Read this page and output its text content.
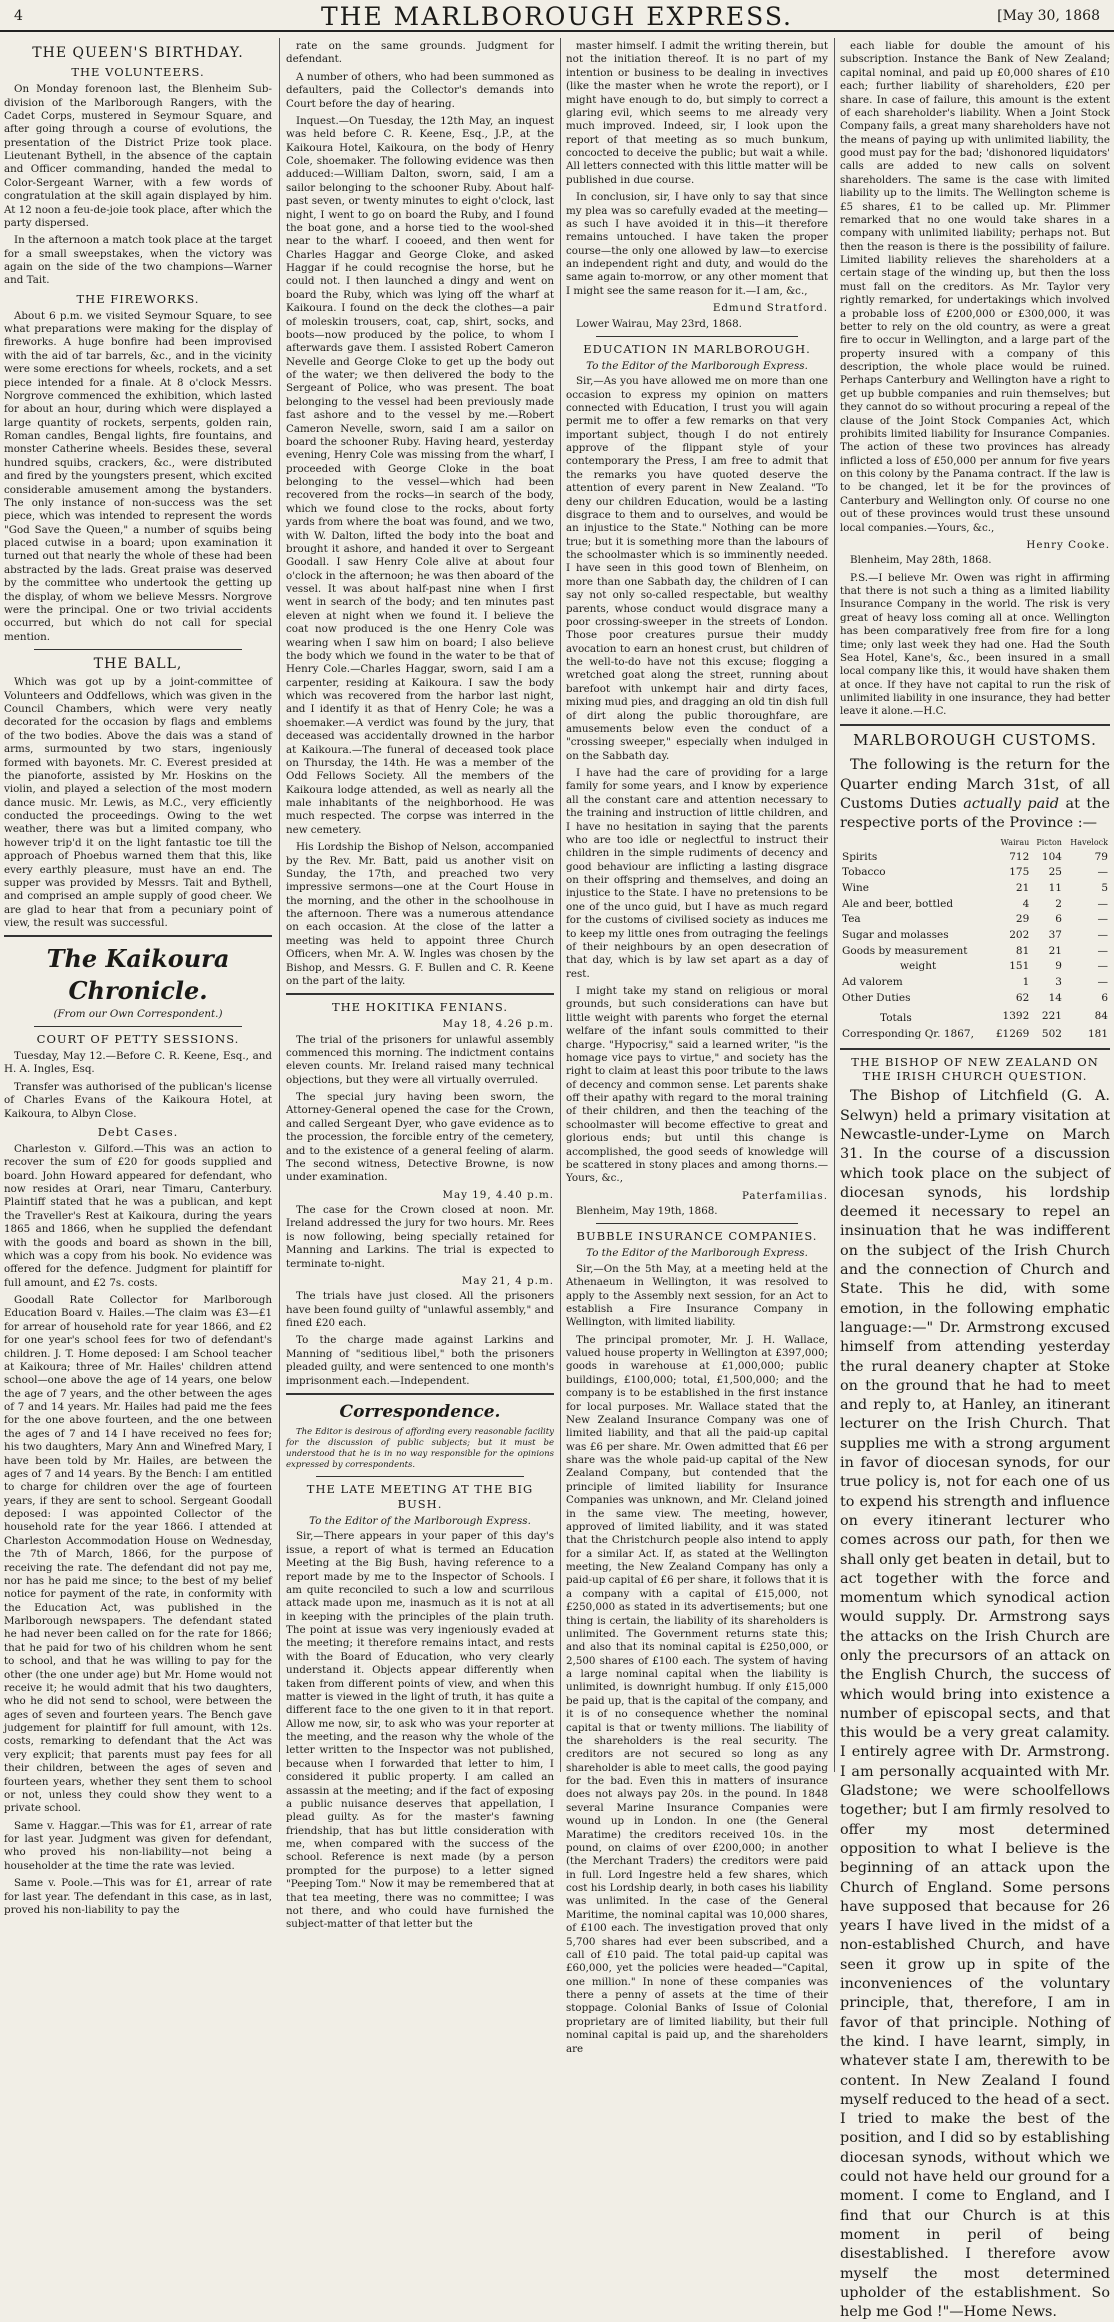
4	THE MARLBOROUGH EXPRESS.	[May 30, 1868
THE QUEEN'S BIRTHDAY.
THE VOLUNTEERS.

On Monday forenoon last, the Blenheim Sub-division of the Marlborough Rangers, with the Cadet Corps, mustered in Seymour Square, and after going through a course of evolutions, the presentation of the District Prize took place. Lieutenant Bythell, in the absence of the captain and Officer commanding, handed the medal to Color-Sergeant Warner, with a few words of congratulation at the skill again displayed by him. At 12 noon a feu-de-joie took place, after which the party dispersed.

In the afternoon a match took place at the target for a small sweepstakes, when the victory was again on the side of the two champions—Warner and Tait.

THE FIREWORKS.

About 6 p.m. we visited Seymour Square, to see what preparations were making for the display of fireworks. A huge bonfire had been improvised with the aid of tar barrels, &c., and in the vicinity were some erections for wheels, rockets, and a set piece intended for a finale. At 8 o'clock Messrs. Norgrove commenced the exhibition, which lasted for about an hour, during which were displayed a large quantity of rockets, serpents, golden rain, Roman candles, Bengal lights, fire fountains, and monster Catherine wheels. Besides these, several hundred squibs, crackers, &c., were distributed and fired by the youngsters present, which excited considerable amusement among the bystanders. The only instance of non-success was the set piece, which was intended to represent the words "God Save the Queen," a number of squibs being placed cutwise in a board; upon examination it turned out that nearly the whole of these had been abstracted by the lads. Great praise was deserved by the committee who undertook the getting up the display, of whom we believe Messrs. Norgrove were the principal. One or two trivial accidents occurred, but which do not call for special mention.

THE BALL,

Which was got up by a joint-committee of Volunteers and Oddfellows, which was given in the Council Chambers, which were very neatly decorated for the occasion by flags and emblems of the two bodies. Above the dais was a stand of arms, surmounted by two stars, ingeniously formed with bayonets. Mr. C. Everest presided at the pianoforte, assisted by Mr. Hoskins on the violin, and played a selection of the most modern dance music. Mr. Lewis, as M.C., very efficiently conducted the proceedings. Owing to the wet weather, there was but a limited company, who however trip'd it on the light fantastic toe till the approach of Phoebus warned them that this, like every earthly pleasure, must have an end. The supper was provided by Messrs. Tait and Bythell, and comprised an ample supply of good cheer. We are glad to hear that from a pecuniary point of view, the result was successful.

The Kaikoura Chronicle.
(From our Own Correspondent.)
COURT OF PETTY SESSIONS.

Tuesday, May 12.—Before C. R. Keene, Esq., and H. A. Ingles, Esq.

Transfer was authorised of the publican's license of Charles Evans of the Kaikoura Hotel, at Kaikoura, to Albyn Close.

Debt Cases.

Charleston v. Gilford.—This was an action to recover the sum of £20 for goods supplied and board. John Howard appeared for defendant, who now resides at Orari, near Timaru, Canterbury. Plaintiff stated that he was a publican, and kept the Traveller's Rest at Kaikoura, during the years 1865 and 1866, when he supplied the defendant with the goods and board as shown in the bill, which was a copy from his book. No evidence was offered for the defence. Judgment for plaintiff for full amount, and £2 7s. costs.

Goodall Rate Collector for Marlborough Education Board v. Hailes.—The claim was £3—£1 for arrear of household rate for year 1866, and £2 for one year's school fees for two of defendant's children. J. T. Home deposed: I am School teacher at Kaikoura; three of Mr. Hailes' children attend school—one above the age of 14 years, one below the age of 7 years, and the other between the ages of 7 and 14 years. Mr. Hailes had paid me the fees for the one above fourteen, and the one between the ages of 7 and 14 I have received no fees for; his two daughters, Mary Ann and Winefred Mary, I have been told by Mr. Hailes, are between the ages of 7 and 14 years. By the Bench: I am entitled to charge for children over the age of fourteen years, if they are sent to school. Sergeant Goodall deposed: I was appointed Collector of the household rate for the year 1866. I attended at Charleston Accommodation House on Wednesday, the 7th of March, 1866, for the purpose of receiving the rate. The defendant did not pay me, nor has he paid me since; to the best of my belief notice for payment of the rate, in conformity with the Education Act, was published in the Marlborough newspapers. The defendant stated he had never been called on for the rate for 1866; that he paid for two of his children whom he sent to school, and that he was willing to pay for the other (the one under age) but Mr. Home would not receive it; he would admit that his two daughters, who he did not send to school, were between the ages of seven and fourteen years. The Bench gave judgement for plaintiff for full amount, with 12s. costs, remarking to defendant that the Act was very explicit; that parents must pay fees for all their children, between the ages of seven and fourteen years, whether they sent them to school or not, unless they could show they went to a private school.

Same v. Haggar.—This was for £1, arrear of rate for last year. Judgment was given for defendant, who proved his non-liability—not being a householder at the time the rate was levied.

Same v. Poole.—This was for £1, arrear of rate for last year. The defendant in this case, as in last, proved his non-liability to pay the

rate on the same grounds. Judgment for defendant.

A number of others, who had been summoned as defaulters, paid the Collector's demands into Court before the day of hearing.

Inquest.—On Tuesday, the 12th May, an inquest was held before C. R. Keene, Esq., J.P., at the Kaikoura Hotel, Kaikoura, on the body of Henry Cole, shoemaker. The following evidence was then adduced:—William Dalton, sworn, said, I am a sailor belonging to the schooner Ruby. About half-past seven, or twenty minutes to eight o'clock, last night, I went to go on board the Ruby, and I found the boat gone, and a horse tied to the wool-shed near to the wharf. I cooeed, and then went for Charles Haggar and George Cloke, and asked Haggar if he could recognise the horse, but he could not. I then launched a dingy and went on board the Ruby, which was lying off the wharf at Kaikoura. I found on the deck the clothes—a pair of moleskin trousers, coat, cap, shirt, socks, and boots—now produced by the police, to whom I afterwards gave them. I assisted Robert Cameron Nevelle and George Cloke to get up the body out of the water; we then delivered the body to the Sergeant of Police, who was present. The boat belonging to the vessel had been previously made fast ashore and to the vessel by me.—Robert Cameron Nevelle, sworn, said I am a sailor on board the schooner Ruby. Having heard, yesterday evening, Henry Cole was missing from the wharf, I proceeded with George Cloke in the boat belonging to the vessel—which had been recovered from the rocks—in search of the body, which we found close to the rocks, about forty yards from where the boat was found, and we two, with W. Dalton, lifted the body into the boat and brought it ashore, and handed it over to Sergeant Goodall. I saw Henry Cole alive at about four o'clock in the afternoon; he was then aboard of the vessel. It was about half-past nine when I first went in search of the body; and ten minutes past eleven at night when we found it. I believe the coat now produced is the one Henry Cole was wearing when I saw him on board; I also believe the body which we found in the water to be that of Henry Cole.—Charles Haggar, sworn, said I am a carpenter, residing at Kaikoura. I saw the body which was recovered from the harbor last night, and I identify it as that of Henry Cole; he was a shoemaker.—A verdict was found by the jury, that deceased was accidentally drowned in the harbor at Kaikoura.—The funeral of deceased took place on Thursday, the 14th. He was a member of the Odd Fellows Society. All the members of the Kaikoura lodge attended, as well as nearly all the male inhabitants of the neighborhood. He was much respected. The corpse was interred in the new cemetery.

His Lordship the Bishop of Nelson, accompanied by the Rev. Mr. Batt, paid us another visit on Sunday, the 17th, and preached two very impressive sermons—one at the Court House in the morning, and the other in the schoolhouse in the afternoon. There was a numerous attendance on each occasion. At the close of the latter a meeting was held to appoint three Church Officers, when Mr. A. W. Ingles was chosen by the Bishop, and Messrs. G. F. Bullen and C. R. Keene on the part of the laity.

THE HOKITIKA FENIANS.
May 18, 4.26 p.m.

The trial of the prisoners for unlawful assembly commenced this morning. The indictment contains eleven counts. Mr. Ireland raised many technical objections, but they were all virtually overruled.

The special jury having been sworn, the Attorney-General opened the case for the Crown, and called Sergeant Dyer, who gave evidence as to the procession, the forcible entry of the cemetery, and to the existence of a general feeling of alarm. The second witness, Detective Browne, is now under examination.

May 19, 4.40 p.m.

The case for the Crown closed at noon. Mr. Ireland addressed the jury for two hours. Mr. Rees is now following, being specially retained for Manning and Larkins. The trial is expected to terminate to-night.

May 21, 4 p.m.

The trials have just closed. All the prisoners have been found guilty of "unlawful assembly," and fined £20 each.

To the charge made against Larkins and Manning of "seditious libel," both the prisoners pleaded guilty, and were sentenced to one month's imprisonment each.—Independent.

Correspondence.

The Editor is desirous of affording every reasonable facility for the discussion of public subjects; but it must be understood that he is in no way responsible for the opinions expressed by correspondents.

THE LATE MEETING AT THE BIG BUSH.
To the Editor of the Marlborough Express.

Sir,—There appears in your paper of this day's issue, a report of what is termed an Education Meeting at the Big Bush, having reference to a report made by me to the Inspector of Schools. I am quite reconciled to such a low and scurrilous attack made upon me, inasmuch as it is not at all in keeping with the principles of the plain truth. The point at issue was very ingeniously evaded at the meeting; it therefore remains intact, and rests with the Board of Education, who very clearly understand it. Objects appear differently when taken from different points of view, and when this matter is viewed in the light of truth, it has quite a different face to the one given to it in that report. Allow me now, sir, to ask who was your reporter at the meeting, and the reason why the whole of the letter written to the Inspector was not published, because when I forwarded that letter to him, I considered it public property. I am called an assassin at the meeting; and if the fact of exposing a public nuisance deserves that appellation, I plead guilty. As for the master's fawning friendship, that has but little consideration with me, when compared with the success of the school. Reference is next made (by a person prompted for the purpose) to a letter signed "Peeping Tom." Now it may be remembered that at that tea meeting, there was no committee; I was not there, and who could have furnished the subject-matter of that letter but the

master himself. I admit the writing therein, but not the initiation thereof. It is no part of my intention or business to be dealing in invectives (like the master when he wrote the report), or I might have enough to do, but simply to correct a glaring evil, which seems to me already very much improved. Indeed, sir, I look upon the report of that meeting as so much bunkum, concocted to deceive the public; but wait a while. All letters connected with this little matter will be published in due course.

In conclusion, sir, I have only to say that since my plea was so carefully evaded at the meeting—as such I have avoided it in this—it therefore remains untouched. I have taken the proper course—the only one allowed by law—to exercise an independent right and duty, and would do the same again to-morrow, or any other moment that I might see the same reason for it.—I am, &c.,

Edmund Stratford.

Lower Wairau, May 23rd, 1868.

EDUCATION IN MARLBOROUGH.
To the Editor of the Marlborough Express.

Sir,—As you have allowed me on more than one occasion to express my opinion on matters connected with Education, I trust you will again permit me to offer a few remarks on that very important subject, though I do not entirely approve of the flippant style of your contemporary the Press, I am free to admit that the remarks you have quoted deserve the attention of every parent in New Zealand. "To deny our children Education, would be a lasting disgrace to them and to ourselves, and would be an injustice to the State." Nothing can be more true; but it is something more than the labours of the schoolmaster which is so imminently needed. I have seen in this good town of Blenheim, on more than one Sabbath day, the children of I can say not only so-called respectable, but wealthy parents, whose conduct would disgrace many a poor crossing-sweeper in the streets of London. Those poor creatures pursue their muddy avocation to earn an honest crust, but children of the well-to-do have not this excuse; flogging a wretched goat along the street, running about barefoot with unkempt hair and dirty faces, mixing mud pies, and dragging an old tin dish full of dirt along the public thoroughfare, are amusements below even the conduct of a "crossing sweeper," especially when indulged in on the Sabbath day.

I have had the care of providing for a large family for some years, and I know by experience all the constant care and attention necessary to the training and instruction of little children, and I have no hesitation in saying that the parents who are too idle or neglectful to instruct their children in the simple rudiments of decency and good behaviour are inflicting a lasting disgrace on their offspring and themselves, and doing an injustice to the State. I have no pretensions to be one of the unco guid, but I have as much regard for the customs of civilised society as induces me to keep my little ones from outraging the feelings of their neighbours by an open desecration of that day, which is by law set apart as a day of rest.

I might take my stand on religious or moral grounds, but such considerations can have but little weight with parents who forget the eternal welfare of the infant souls committed to their charge. "Hypocrisy," said a learned writer, "is the homage vice pays to virtue," and society has the right to claim at least this poor tribute to the laws of decency and common sense. Let parents shake off their apathy with regard to the moral training of their children, and then the teaching of the schoolmaster will become effective to great and glorious ends; but until this change is accomplished, the good seeds of knowledge will be scattered in stony places and among thorns.—Yours, &c.,

Paterfamilias.

Blenheim, May 19th, 1868.

BUBBLE INSURANCE COMPANIES.
To the Editor of the Marlborough Express.

Sir,—On the 5th May, at a meeting held at the Athenaeum in Wellington, it was resolved to apply to the Assembly next session, for an Act to establish a Fire Insurance Company in Wellington, with limited liability.

The principal promoter, Mr. J. H. Wallace, valued house property in Wellington at £397,000; goods in warehouse at £1,000,000; public buildings, £100,000; total, £1,500,000; and the company is to be established in the first instance for local purposes. Mr. Wallace stated that the New Zealand Insurance Company was one of limited liability, and that all the paid-up capital was £6 per share. Mr. Owen admitted that £6 per share was the whole paid-up capital of the New Zealand Company, but contended that the principle of limited liability for Insurance Companies was unknown, and Mr. Cleland joined in the same view. The meeting, however, approved of limited liability, and it was stated that the Christchurch people also intend to apply for a similar Act. If, as stated at the Wellington meeting, the New Zealand Company has only a paid-up capital of £6 per share, it follows that it is a company with a capital of £15,000, not £250,000 as stated in its advertisements; but one thing is certain, the liability of its shareholders is unlimited. The Government returns state this; and also that its nominal capital is £250,000, or 2,500 shares of £100 each. The system of having a large nominal capital when the liability is unlimited, is downright humbug. If only £15,000 be paid up, that is the capital of the company, and it is of no consequence whether the nominal capital is that or twenty millions. The liability of the shareholders is the real security. The creditors are not secured so long as any shareholder is able to meet calls, the good paying for the bad. Even this in matters of insurance does not always pay 20s. in the pound. In 1848 several Marine Insurance Companies were wound up in London. In one (the General Maratime) the creditors received 10s. in the pound, on claims of over £200,000; in another (the Merchant Traders) the creditors were paid in full. Lord Ingestre held a few shares, which cost his Lordship dearly, in both cases his liability was unlimited. In the case of the General Maritime, the nominal capital was 10,000 shares, of £100 each. The investigation proved that only 5,700 shares had ever been subscribed, and a call of £10 paid. The total paid-up capital was £60,000, yet the policies were headed—"Capital, one million." In none of these companies was there a penny of assets at the time of their stoppage. Colonial Banks of Issue of Colonial proprietary are of limited liability, but their full nominal capital is paid up, and the shareholders are

each liable for double the amount of his subscription. Instance the Bank of New Zealand; capital nominal, and paid up £0,000 shares of £10 each; further liability of shareholders, £20 per share. In case of failure, this amount is the extent of each shareholder's liability. When a Joint Stock Company fails, a great many shareholders have not the means of paying up with unlimited liability, the good must pay for the bad; 'dishonored liquidators' calls are added to new calls on solvent shareholders. The same is the case with limited liability up to the limits. The Wellington scheme is £5 shares, £1 to be called up. Mr. Plimmer remarked that no one would take shares in a company with unlimited liability; perhaps not. But then the reason is there is the possibility of failure. Limited liability relieves the shareholders at a certain stage of the winding up, but then the loss must fall on the creditors. As Mr. Taylor very rightly remarked, for undertakings which involved a probable loss of £200,000 or £300,000, it was better to rely on the old country, as were a great fire to occur in Wellington, and a large part of the property insured with a company of this description, the whole place would be ruined. Perhaps Canterbury and Wellington have a right to get up bubble companies and ruin themselves; but they cannot do so without procuring a repeal of the clause of the Joint Stock Companies Act, which prohibits limited liability for Insurance Companies. The action of these two provinces has already inflicted a loss of £50,000 per annum for five years on this colony by the Panama contract. If the law is to be changed, let it be for the provinces of Canterbury and Wellington only. Of course no one out of these provinces would trust these unsound local companies.—Yours, &c.,

Henry Cooke.

Blenheim, May 28th, 1868.

P.S.—I believe Mr. Owen was right in affirming that there is not such a thing as a limited liability Insurance Company in the world. The risk is very great of heavy loss coming all at once. Wellington has been comparatively free from fire for a long time; only last week they had one. Had the South Sea Hotel, Kane's, &c., been insured in a small local company like this, it would have shaken them at once. If they have not capital to run the risk of unlimited liability in one insurance, they had better leave it alone.—H.C.

MARLBOROUGH CUSTOMS.

The following is the return for the Quarter ending March 31st, of all Customs Duties actually paid at the respective ports of the Province :—

	Wairau	Picton	Havelock
Spirits	712	104	79
Tobacco	175	25	—
Wine	21	11	5
Ale and beer, bottled	4	2	—
Tea	29	6	—
Sugar and molasses	202	37	—
Goods by measurement	81	21	—
weight	151	9	—
Ad valorem	1	3	—
Other Duties	62	14	6
Totals	1392	221	84
Corresponding Qr. 1867,	£1269	502	181
THE BISHOP OF NEW ZEALAND ON THE IRISH CHURCH QUESTION.

The Bishop of Litchfield (G. A. Selwyn) held a primary visitation at Newcastle-under-Lyme on March 31. In the course of a discussion which took place on the subject of diocesan synods, his lordship deemed it necessary to repel an insinuation that he was indifferent on the subject of the Irish Church and the connection of Church and State. This he did, with some emotion, in the following emphatic language:—" Dr. Armstrong excused himself from attending yesterday the rural deanery chapter at Stoke on the ground that he had to meet and reply to, at Hanley, an itinerant lecturer on the Irish Church. That supplies me with a strong argument in favor of diocesan synods, for our true policy is, not for each one of us to expend his strength and influence on every itinerant lecturer who comes across our path, for then we shall only get beaten in detail, but to act together with the force and momentum which synodical action would supply. Dr. Armstrong says the attacks on the Irish Church are only the precursors of an attack on the English Church, the success of which would bring into existence a number of episcopal sects, and that this would be a very great calamity. I entirely agree with Dr. Armstrong. I am personally acquainted with Mr. Gladstone; we were schoolfellows together; but I am firmly resolved to offer my most determined opposition to what I believe is the beginning of an attack upon the Church of England. Some persons have supposed that because for 26 years I have lived in the midst of a non-established Church, and have seen it grow up in spite of the inconveniences of the voluntary principle, that, therefore, I am in favor of that principle. Nothing of the kind. I have learnt, simply, in whatever state I am, therewith to be content. In New Zealand I found myself reduced to the head of a sect. I tried to make the best of the position, and I did so by establishing diocesan synods, without which we could not have held our ground for a moment. I come to England, and I find that our Church is at this moment in peril of being disestablished. I therefore avow myself the most determined upholder of the establishment. So help me God !"—Home News.
